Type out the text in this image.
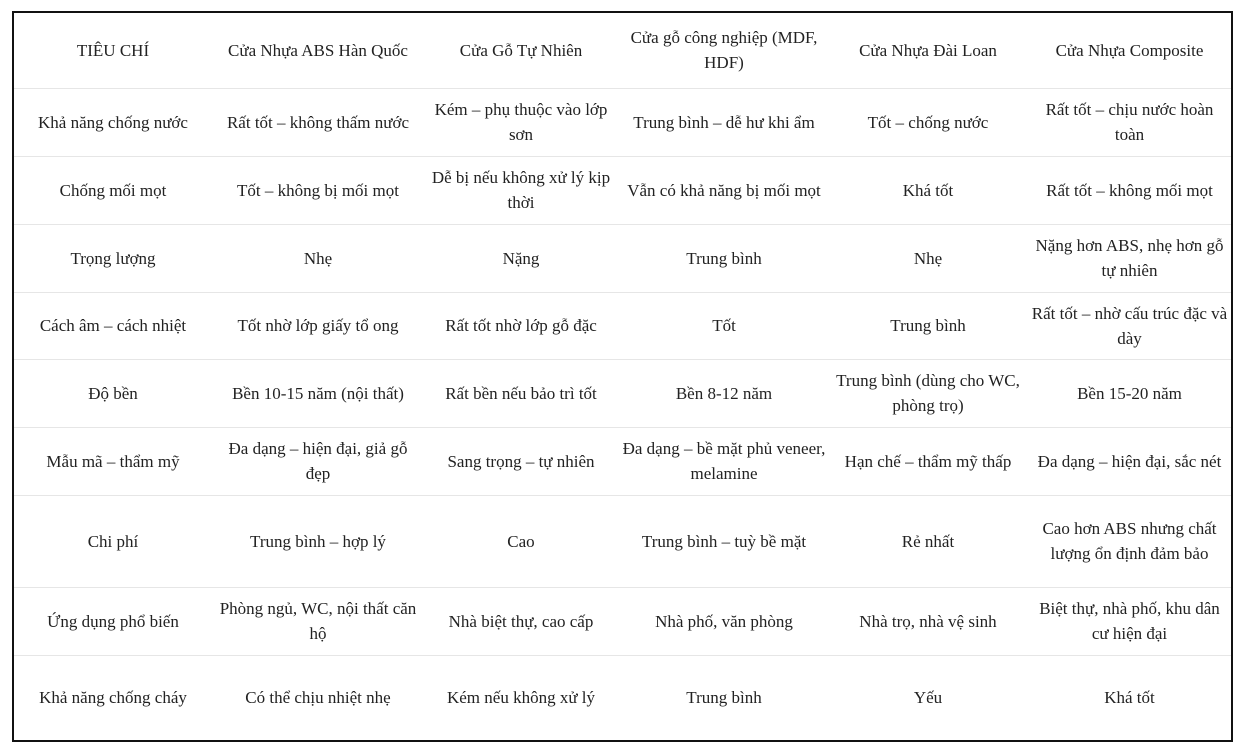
TIÊU CHÍ	Cửa Nhựa ABS Hàn Quốc	Cửa Gỗ Tự Nhiên	Cửa gỗ công nghiệp (MDF, HDF)	Cửa Nhựa Đài Loan	Cửa Nhựa Composite
Khả năng chống nước	Rất tốt – không thấm nước	Kém – phụ thuộc vào lớp sơn	Trung bình – dễ hư khi ẩm	Tốt – chống nước	Rất tốt – chịu nước hoàn toàn
Chống mối mọt	Tốt – không bị mối mọt	Dễ bị nếu không xử lý kịp thời	Vẫn có khả năng bị mối mọt	Khá tốt	Rất tốt – không mối mọt
Trọng lượng	Nhẹ	Nặng	Trung bình	Nhẹ	Nặng hơn ABS, nhẹ hơn gỗ tự nhiên
Cách âm – cách nhiệt	Tốt nhờ lớp giấy tổ ong	Rất tốt nhờ lớp gỗ đặc	Tốt	Trung bình	Rất tốt – nhờ cấu trúc đặc và dày
Độ bền	Bền 10-15 năm (nội thất)	Rất bền nếu bảo trì tốt	Bền 8-12 năm	Trung bình (dùng cho WC, phòng trọ)	Bền 15-20 năm
Mẫu mã – thẩm mỹ	Đa dạng – hiện đại, giả gỗ đẹp	Sang trọng – tự nhiên	Đa dạng – bề mặt phủ veneer, melamine	Hạn chế – thẩm mỹ thấp	Đa dạng – hiện đại, sắc nét
Chi phí	Trung bình – hợp lý	Cao	Trung bình – tuỳ bề mặt	Rẻ nhất	Cao hơn ABS nhưng chất lượng ổn định đảm bảo
Ứng dụng phổ biến	Phòng ngủ, WC, nội thất căn hộ	Nhà biệt thự, cao cấp	Nhà phố, văn phòng	Nhà trọ, nhà vệ sinh	Biệt thự, nhà phố, khu dân cư hiện đại
Khả năng chống cháy	Có thể chịu nhiệt nhẹ	Kém nếu không xử lý	Trung bình	Yếu	Khá tốt
